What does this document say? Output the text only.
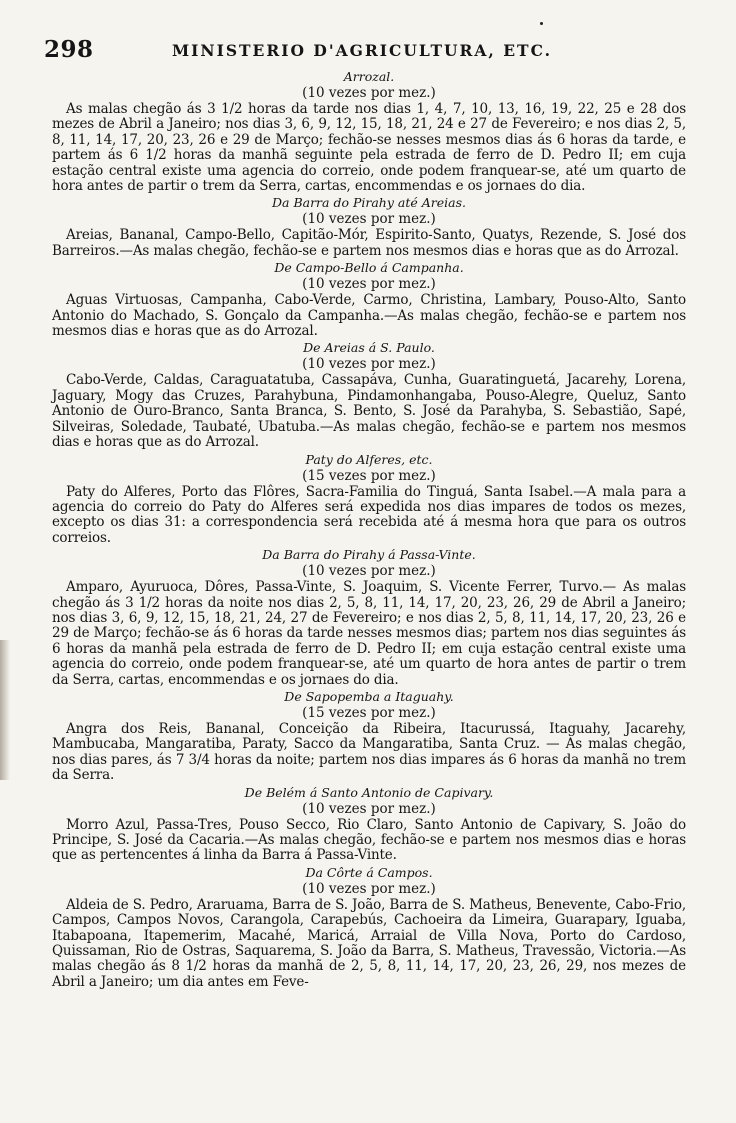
298	MINISTERIO D'AGRICULTURA, ETC.

Arrozal.

(10 vezes por mez.)

As malas chegão ás 3 1/2 horas da tarde nos dias 1, 4, 7, 10, 13, 16, 19, 22, 25 e 28 dos mezes de Abril a Janeiro; nos dias 3, 6, 9, 12, 15, 18, 21, 24 e 27 de Fevereiro; e nos dias 2, 5, 8, 11, 14, 17, 20, 23, 26 e 29 de Março; fechão-se nesses mesmos dias ás 6 horas da tarde, e partem ás 6 1/2 horas da manhã seguinte pela estrada de ferro de D. Pedro II; em cuja estação central existe uma agencia do correio, onde podem franquear-se, até um quarto de hora antes de partir o trem da Serra, cartas, encommendas e os jornaes do dia.

Da Barra do Pirahy até Areias.

(10 vezes por mez.)

Areias, Bananal, Campo-Bello, Capitão-Mór, Espirito-Santo, Quatys, Rezende, S. José dos Barreiros.—As malas chegão, fechão-se e partem nos mesmos dias e horas que as do Arrozal.

De Campo-Bello á Campanha.

(10 vezes por mez.)

Aguas Virtuosas, Campanha, Cabo-Verde, Carmo, Christina, Lambary, Pouso-Alto, Santo Antonio do Machado, S. Gonçalo da Campanha.—As malas chegão, fechão-se e partem nos mesmos dias e horas que as do Arrozal.

De Areias á S. Paulo.

(10 vezes por mez.)

Cabo-Verde, Caldas, Caraguatatuba, Cassapáva, Cunha, Guaratinguetá, Jacarehy, Lorena, Jaguary, Mogy das Cruzes, Parahybuna, Pindamonhangaba, Pouso-Alegre, Queluz, Santo Antonio de Ouro-Branco, Santa Branca, S. Bento, S. José da Parahyba, S. Sebastião, Sapé, Silveiras, Soledade, Taubaté, Ubatuba.—As malas chegão, fechão-se e partem nos mesmos dias e horas que as do Arrozal.

Paty do Alferes, etc.

(15 vezes por mez.)

Paty do Alferes, Porto das Flôres, Sacra-Familia do Tinguá, Santa Isabel.—A mala para a agencia do correio do Paty do Alferes será expedida nos dias impares de todos os mezes, excepto os dias 31: a correspondencia será recebida até á mesma hora que para os outros correios.

Da Barra do Pirahy á Passa-Vinte.

(10 vezes por mez.)

Amparo, Ayuruoca, Dôres, Passa-Vinte, S. Joaquim, S. Vicente Ferrer, Turvo.— As malas chegão ás 3 1/2 horas da noite nos dias 2, 5, 8, 11, 14, 17, 20, 23, 26, 29 de Abril a Janeiro; nos dias 3, 6, 9, 12, 15, 18, 21, 24, 27 de Fevereiro; e nos dias 2, 5, 8, 11, 14, 17, 20, 23, 26 e 29 de Março; fechão-se ás 6 horas da tarde nesses mesmos dias; partem nos dias seguintes ás 6 horas da manhã pela estrada de ferro de D. Pedro II; em cuja estação central existe uma agencia do correio, onde podem franquear-se, até um quarto de hora antes de partir o trem da Serra, cartas, encommendas e os jornaes do dia.

De Sapopemba a Itaguahy.

(15 vezes por mez.)

Angra dos Reis, Bananal, Conceição da Ribeira, Itacurussá, Itaguahy, Jacarehy, Mambucaba, Mangaratiba, Paraty, Sacco da Mangaratiba, Santa Cruz. — As malas chegão, nos dias pares, ás 7 3/4 horas da noite; partem nos dias impares ás 6 horas da manhã no trem da Serra.

De Belém á Santo Antonio de Capivary.

(10 vezes por mez.)

Morro Azul, Passa-Tres, Pouso Secco, Rio Claro, Santo Antonio de Capivary, S. João do Principe, S. José da Cacaria.—As malas chegão, fechão-se e partem nos mesmos dias e horas que as pertencentes á linha da Barra á Passa-Vinte.

Da Côrte á Campos.

(10 vezes por mez.)

Aldeia de S. Pedro, Araruama, Barra de S. João, Barra de S. Matheus, Benevente, Cabo-Frio, Campos, Campos Novos, Carangola, Carapebús, Cachoeira da Limeira, Guarapary, Iguaba, Itabapoana, Itapemerim, Macahé, Maricá, Arraial de Villa Nova, Porto do Cardoso, Quissaman, Rio de Ostras, Saquarema, S. João da Barra, S. Matheus, Travessão, Victoria.—As malas chegão ás 8 1/2 horas da manhã de 2, 5, 8, 11, 14, 17, 20, 23, 26, 29, nos mezes de Abril a Janeiro; um dia antes em Feve-
